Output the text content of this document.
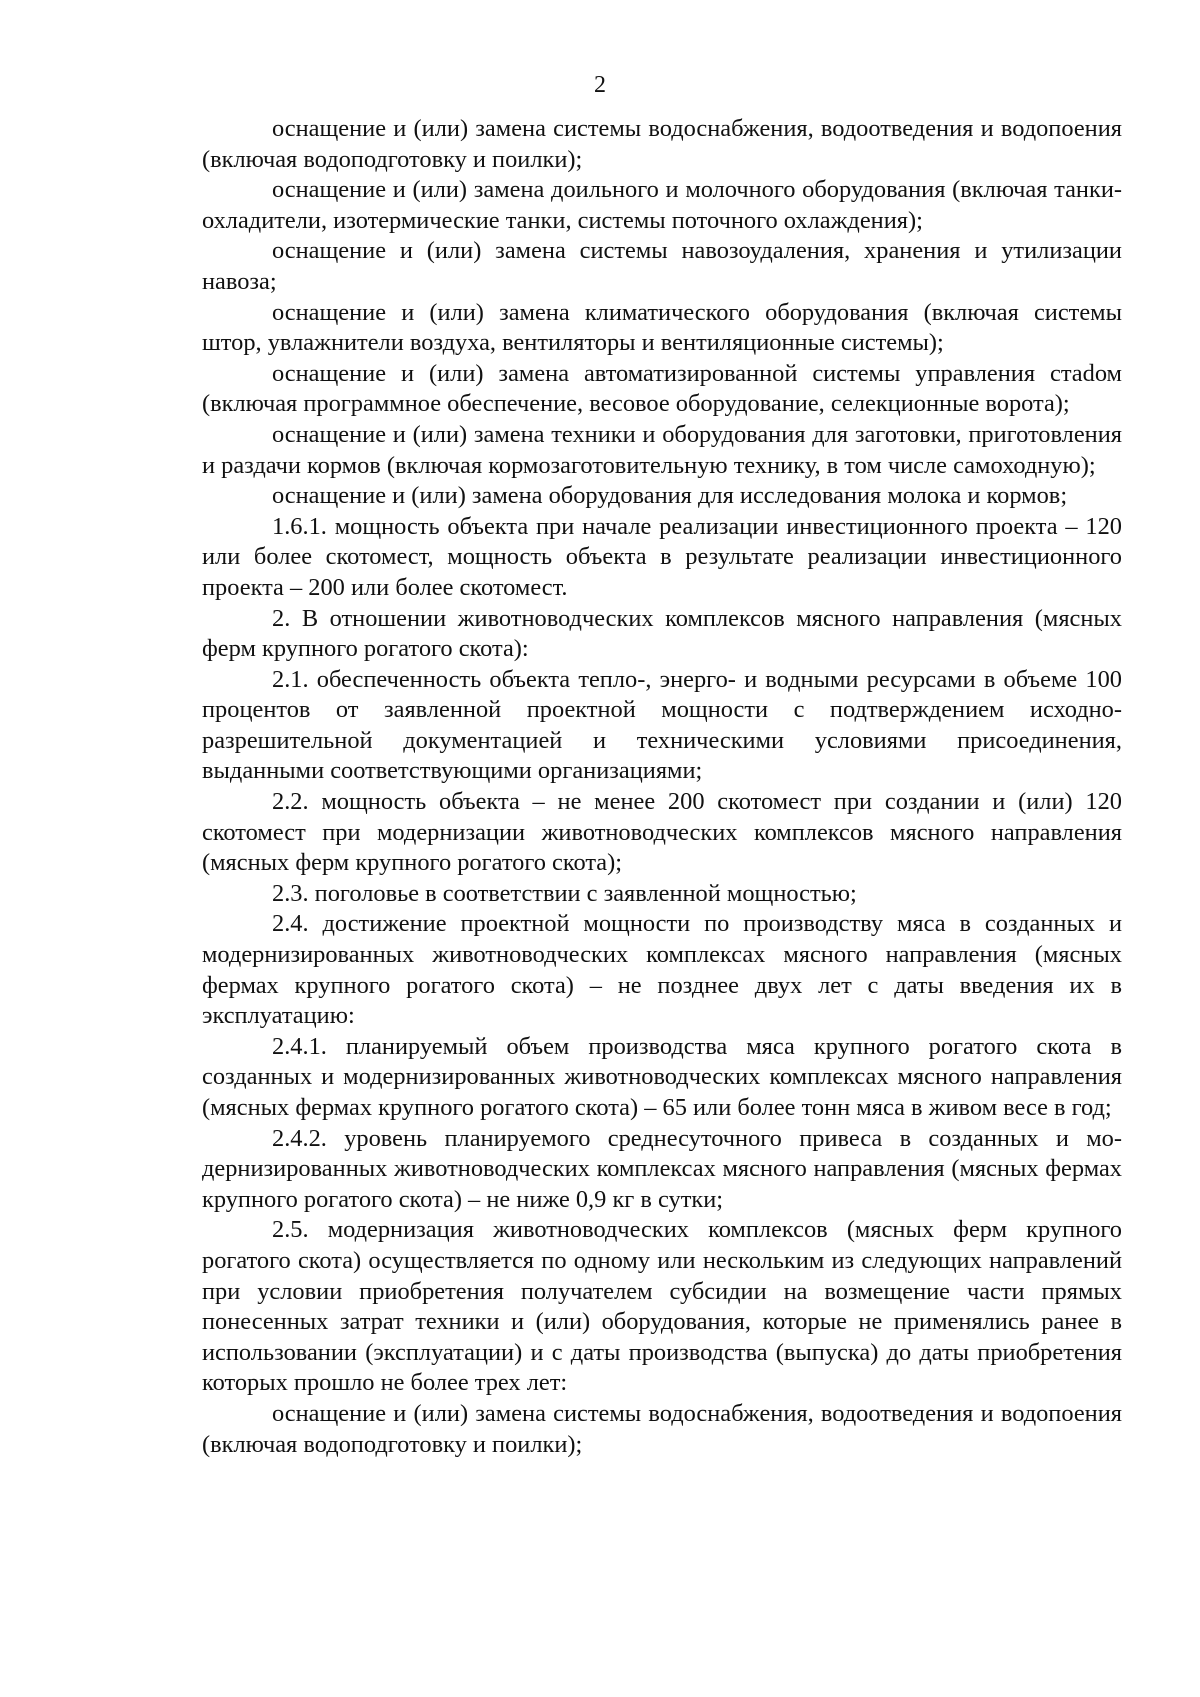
2

оснащение и (или) замена системы водоснабжения, водоотведения и водопоения (включая водоподготовку и поилки);

оснащение и (или) замена доильного и молочного оборудования (включая танки-охладители, изотермические танки, системы поточного охлаждения);

оснащение и (или) замена системы навозоудаления, хранения и утилизации навоза;

оснащение и (или) замена климатического оборудования (включая системы штор, увлажнители воздуха, вентиляторы и вентиляционные системы);

оснащение и (или) замена автоматизированной системы управления стаdом (включая программное обеспечение, весовое оборудование, селекционные ворота);

оснащение и (или) замена техники и оборудования для заготовки, приготовления и раздачи кормов (включая кормозаготовительную технику, в том числе самоходную);

оснащение и (или) замена оборудования для исследования молока и кормов;

1.6.1. мощность объекта при начале реализации инвестиционного проекта – 120 или более скотомест, мощность объекта в результате реализации инвестиционного проекта – 200 или более скотомест.

2. В отношении животноводческих комплексов мясного направления (мясных ферм крупного рогатого скота):

2.1. обеспеченность объекта тепло-, энерго- и водными ресурсами в объеме 100 процентов от заявленной проектной мощности с подтверждением исходно-разрешительной документацией и техническими условиями присоединения, выданными соответствующими организациями;

2.2. мощность объекта – не менее 200 скотомест при создании и (или) 120 скотомест при модернизации животноводческих комплексов мясного направления (мясных ферм крупного рогатого скота);

2.3. поголовье в соответствии с заявленной мощностью;

2.4. достижение проектной мощности по производству мяса в созданных и модернизированных животноводческих комплексах мясного направления (мясных фермах крупного рогатого скота) – не позднее двух лет с даты введения их в эксплуатацию:

2.4.1. планируемый объем производства мяса крупного рогатого скота в созданных и модернизированных животноводческих комплексах мясного направления (мясных фермах крупного рогатого скота) – 65 или более тонн мяса в живом весе в год;

2.4.2. уровень планируемого среднесуточного привеса в созданных и модернизированных животноводческих комплексах мясного направления (мясных фермах крупного рогатого скота) – не ниже 0,9 кг в сутки;

2.5. модернизация животноводческих комплексов (мясных ферм крупного рогатого скота) осуществляется по одному или нескольким из следующих направлений при условии приобретения получателем субсидии на возмещение части прямых понесенных затрат техники и (или) оборудования, которые не применялись ранее в использовании (эксплуатации) и с даты производства (выпуска) до даты приобретения которых прошло не более трех лет:

оснащение и (или) замена системы водоснабжения, водоотведения и водопоения (включая водоподготовку и поилки);
